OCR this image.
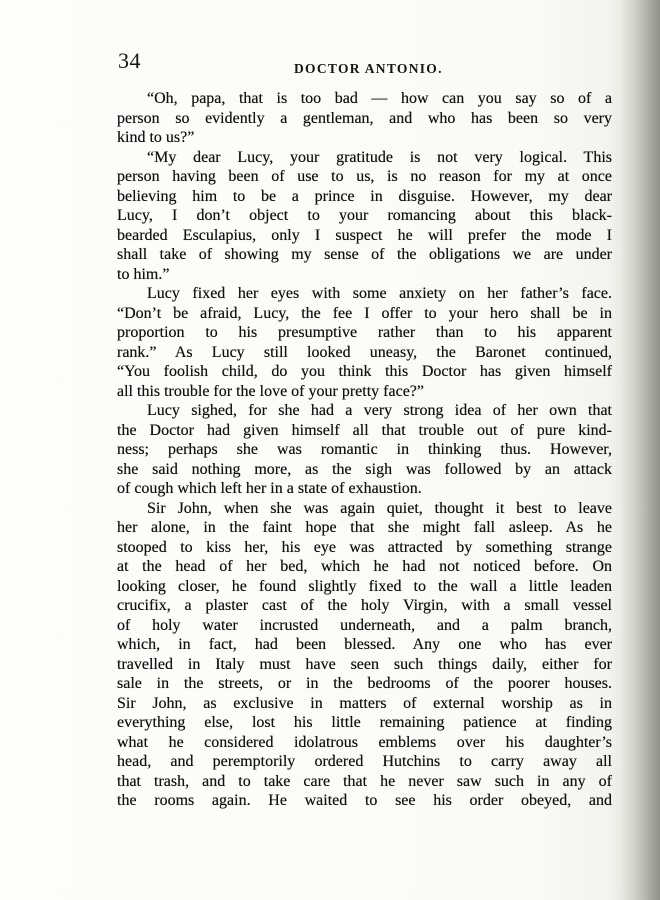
34	DOCTOR ANTONIO.

“Oh, papa, that is too bad — how can you say so of a
person so evidently a gentleman, and who has been so very
kind to us?”

“My dear Lucy, your gratitude is not very logical. This
person having been of use to us, is no reason for my at once
believing him to be a prince in disguise. However, my dear
Lucy, I don’t object to your romancing about this black-
bearded Esculapius, only I suspect he will prefer the mode I
shall take of showing my sense of the obligations we are under
to him.”

Lucy fixed her eyes with some anxiety on her father’s face.
“Don’t be afraid, Lucy, the fee I offer to your hero shall be in
proportion to his presumptive rather than to his apparent
rank.” As Lucy still looked uneasy, the Baronet continued,
“You foolish child, do you think this Doctor has given himself
all this trouble for the love of your pretty face?”

Lucy sighed, for she had a very strong idea of her own that
the Doctor had given himself all that trouble out of pure kind-
ness; perhaps she was romantic in thinking thus. However,
she said nothing more, as the sigh was followed by an attack
of cough which left her in a state of exhaustion.

Sir John, when she was again quiet, thought it best to leave
her alone, in the faint hope that she might fall asleep. As he
stooped to kiss her, his eye was attracted by something strange
at the head of her bed, which he had not noticed before. On
looking closer, he found slightly fixed to the wall a little leaden
crucifix, a plaster cast of the holy Virgin, with a small vessel
of holy water incrusted underneath, and a palm branch,
which, in fact, had been blessed. Any one who has ever
travelled in Italy must have seen such things daily, either for
sale in the streets, or in the bedrooms of the poorer houses.
Sir John, as exclusive in matters of external worship as in
everything else, lost his little remaining patience at finding
what he considered idolatrous emblems over his daughter’s
head, and peremptorily ordered Hutchins to carry away all
that trash, and to take care that he never saw such in any of
the rooms again. He waited to see his order obeyed, and
